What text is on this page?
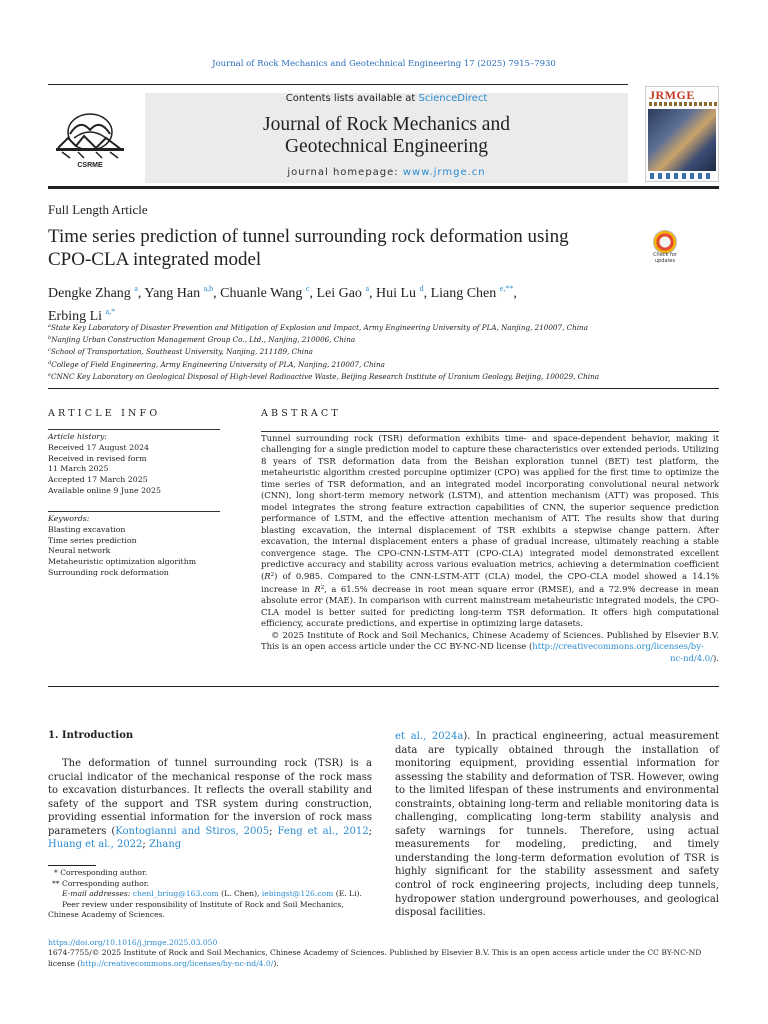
Journal of Rock Mechanics and Geotechnical Engineering 17 (2025) 7915–7930
CSRME
Contents lists available at ScienceDirect
Journal of Rock Mechanics and
Geotechnical Engineering
journal homepage: www.jrmge.cn
JRMGE
Full Length Article
Time series prediction of tunnel surrounding rock deformation using
CPO-CLA integrated model	Check for updates
Dengke Zhang $^a$, Yang Han $^{a,b}$, Chuanle Wang $^c$, Lei Gao $^a$, Hui Lu $^d$, Liang Chen $^{e,**}$,
Erbing Li $^{a,*}$
$^a$State Key Laboratory of Disaster Prevention and Mitigation of Explosion and Impact, Army Engineering University of PLA, Nanjing, 210007, China
$^b$Nanjing Urban Construction Management Group Co., Ltd., Nanjing, 210006, China
$^c$School of Transportation, Southeast University, Nanjing, 211189, China
$^d$College of Field Engineering, Army Engineering University of PLA, Nanjing, 210007, China
$^e$CNNC Key Laboratory on Geological Disposal of High-level Radioactive Waste, Beijing Research Institute of Uranium Geology, Beijing, 100029, China
ARTICLE INFO	ABSTRACT
Article history:
Received 17 August 2024
Received in revised form
11 March 2025
Accepted 17 March 2025
Available online 9 June 2025
Keywords:
Blasting excavation
Time series prediction
Neural network
Metaheuristic optimization algorithm
Surrounding rock deformation
Tunnel surrounding rock (TSR) deformation exhibits time- and space-dependent behavior, making it challenging for a single prediction model to capture these characteristics over extended periods. Utilizing 8 years of TSR deformation data from the Beishan exploration tunnel (BET) test platform, the metaheuristic algorithm crested porcupine optimizer (CPO) was applied for the first time to optimize the time series of TSR deformation, and an integrated model incorporating convolutional neural network (CNN), long short-term memory network (LSTM), and attention mechanism (ATT) was proposed. This model integrates the strong feature extraction capabilities of CNN, the superior sequence prediction performance of LSTM, and the effective attention mechanism of ATT. The results show that during blasting excavation, the internal displacement of TSR exhibits a stepwise change pattern. After excavation, the internal displacement enters a phase of gradual increase, ultimately reaching a stable convergence stage. The CPO-CNN-LSTM-ATT (CPO-CLA) integrated model demonstrated excellent predictive accuracy and stability across various evaluation metrics, achieving a determination coefficient $(R^2)$ of 0.985. Compared to the CNN-LSTM-ATT (CLA) model, the CPO-CLA model showed a 14.1% increase in $R^2$, a 61.5% decrease in root mean square error (RMSE), and a 72.9% decrease in mean absolute error (MAE). In comparison with current mainstream metaheuristic integrated models, the CPO-CLA model is better suited for predicting long-term TSR deformation. It offers high computational efficiency, accurate predictions, and expertise in optimizing large datasets.
© 2025 Institute of Rock and Soil Mechanics, Chinese Academy of Sciences. Published by Elsevier B.V. This is an open access article under the CC BY-NC-ND license (http://creativecommons.org/licenses/by-
nc-nd/4.0/).
1. Introduction
The deformation of tunnel surrounding rock (TSR) is a crucial indicator of the mechanical response of the rock mass to excavation disturbances. It reflects the overall stability and safety of the support and TSR system during construction, providing essential information for the inversion of rock mass parameters (Kontogianni and Stiros, 2005; Feng et al., 2012; Huang et al., 2022; Zhang
et al., 2024a). In practical engineering, actual measurement data are typically obtained through the installation of monitoring equipment, providing essential information for assessing the stability and deformation of TSR. However, owing to the limited lifespan of these instruments and environmental constraints, obtaining long-term and reliable monitoring data is challenging, complicating long-term stability analysis and safety warnings for tunnels. Therefore, using actual measurements for modeling, predicting, and timely understanding the long-term deformation evolution of TSR is highly significant for the stability assessment and safety control of rock engineering projects, including deep tunnels, hydropower station underground powerhouses, and geological disposal facilities.
* Corresponding author.
** Corresponding author.
E-mail addresses: chenl_briug@163.com (L. Chen), iebingst@126.com (E. Li).
Peer review under responsibility of Institute of Rock and Soil Mechanics, Chinese Academy of Sciences.
https://doi.org/10.1016/j.jrmge.2025.03.050
1674-7755/© 2025 Institute of Rock and Soil Mechanics, Chinese Academy of Sciences. Published by Elsevier B.V. This is an open access article under the CC BY-NC-ND license (http://creativecommons.org/licenses/by-nc-nd/4.0/).
